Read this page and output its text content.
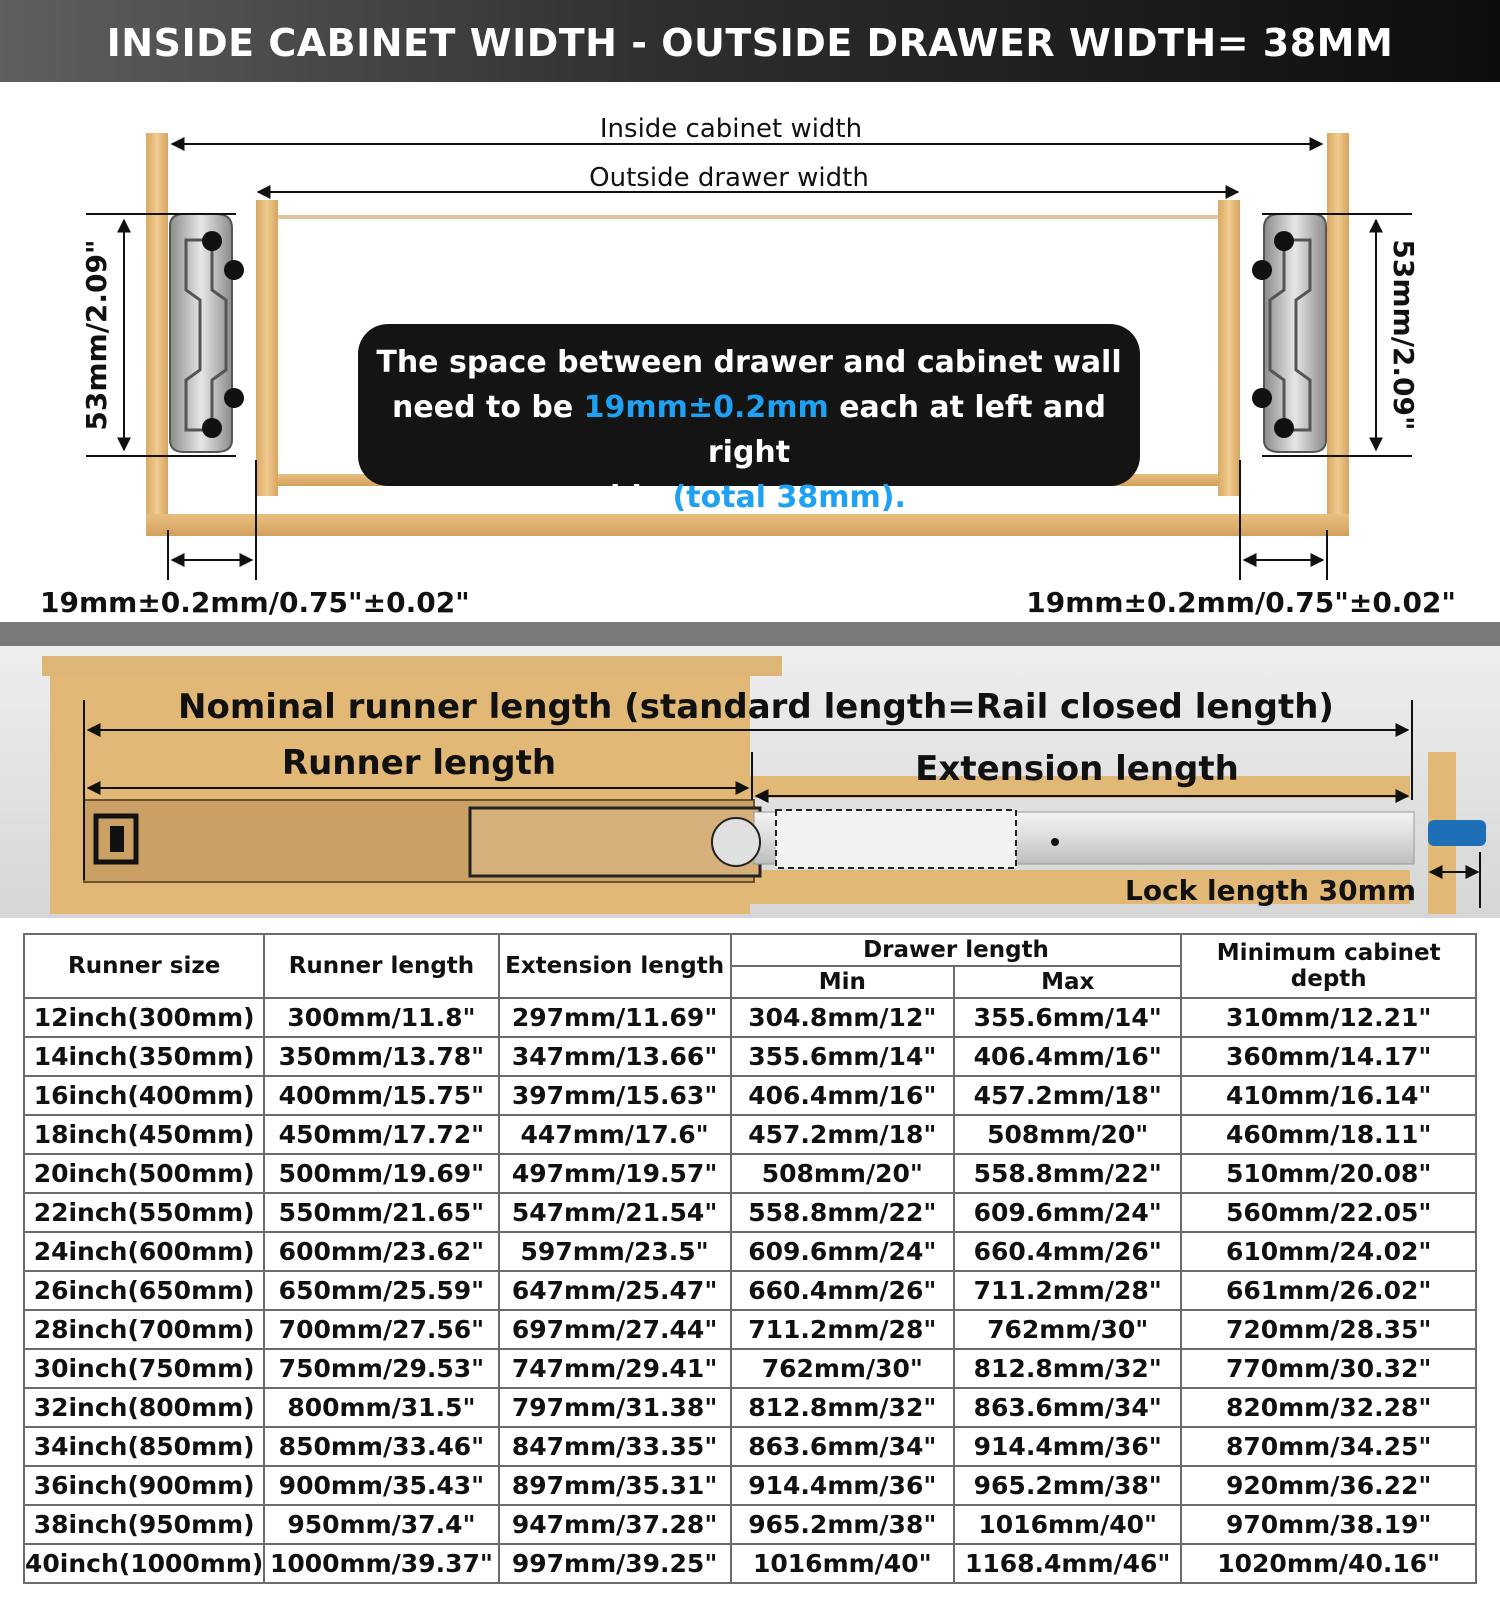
INSIDE CABINET WIDTH - OUTSIDE DRAWER WIDTH= 38MM
Inside cabinet width
Outside drawer width
53mm/2.09"	53mm/2.09"
19mm±0.2mm/0.75"±0.02"	19mm±0.2mm/0.75"±0.02"
The space between drawer and cabinet wall
need to be 19mm±0.2mm each at left and right
side (total 38mm).
Nominal runner length (standard length=Rail closed length)
Runner length	Extension length
Lock length 30mm
Runner size	Runner length	Extension length	Drawer length		Minimum cabinet depth
			Min	Max	
12inch(300mm)	300mm/11.8"	297mm/11.69"	304.8mm/12"	355.6mm/14"	310mm/12.21"
14inch(350mm)	350mm/13.78"	347mm/13.66"	355.6mm/14"	406.4mm/16"	360mm/14.17"
16inch(400mm)	400mm/15.75"	397mm/15.63"	406.4mm/16"	457.2mm/18"	410mm/16.14"
18inch(450mm)	450mm/17.72"	447mm/17.6"	457.2mm/18"	508mm/20"	460mm/18.11"
20inch(500mm)	500mm/19.69"	497mm/19.57"	508mm/20"	558.8mm/22"	510mm/20.08"
22inch(550mm)	550mm/21.65"	547mm/21.54"	558.8mm/22"	609.6mm/24"	560mm/22.05"
24inch(600mm)	600mm/23.62"	597mm/23.5"	609.6mm/24"	660.4mm/26"	610mm/24.02"
26inch(650mm)	650mm/25.59"	647mm/25.47"	660.4mm/26"	711.2mm/28"	661mm/26.02"
28inch(700mm)	700mm/27.56"	697mm/27.44"	711.2mm/28"	762mm/30"	720mm/28.35"
30inch(750mm)	750mm/29.53"	747mm/29.41"	762mm/30"	812.8mm/32"	770mm/30.32"
32inch(800mm)	800mm/31.5"	797mm/31.38"	812.8mm/32"	863.6mm/34"	820mm/32.28"
34inch(850mm)	850mm/33.46"	847mm/33.35"	863.6mm/34"	914.4mm/36"	870mm/34.25"
36inch(900mm)	900mm/35.43"	897mm/35.31"	914.4mm/36"	965.2mm/38"	920mm/36.22"
38inch(950mm)	950mm/37.4"	947mm/37.28"	965.2mm/38"	1016mm/40"	970mm/38.19"
40inch(1000mm)	1000mm/39.37"	997mm/39.25"	1016mm/40"	1168.4mm/46"	1020mm/40.16"
